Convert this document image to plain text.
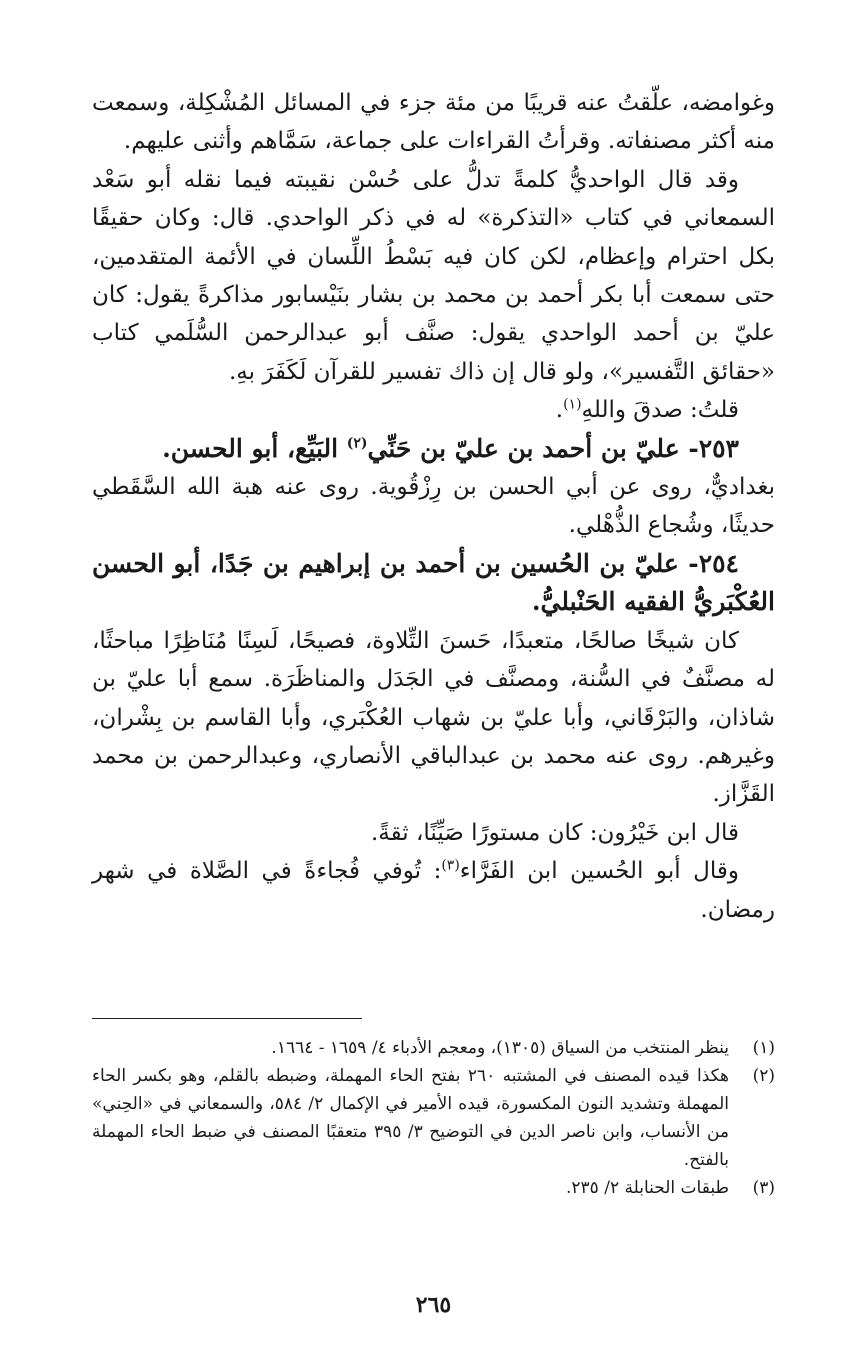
وغوامضه، علّقتُ عنه قريبًا من مئة جزء في المسائل المُشْكِلة، وسمعت منه أكثر مصنفاته. وقرأتُ القراءات على جماعة، سَمَّاهم وأثنى عليهم.

وقد قال الواحديُّ كلمةً تدلُّ على حُسْن نقيبته فيما نقله أبو سَعْد السمعاني في كتاب «التذكرة» له في ذكر الواحدي. قال: وكان حقيقًا بكل احترام وإعظام، لكن كان فيه بَسْطُ اللِّسان في الأئمة المتقدمين، حتى سمعت أبا بكر أحمد بن محمد بن بشار بنَيْسابور مذاكرةً يقول: كان عليّ بن أحمد الواحدي يقول: صنَّف أبو عبدالرحمن السُّلَمي كتاب «حقائق التَّفسير»، ولو قال إن ذاك تفسير للقرآن لَكَفَرَ بهِ.

قلتُ: صدقَ واللهِ$^{(١)}$.

٢٥٣- عليّ بن أحمد بن عليّ بن حَنِّي$^{(٢)}$ البَيِّع، أبو الحسن.

بغداديٌّ، روى عن أبي الحسن بن رِزْقُوية. روى عنه هبة الله السَّقَطي حديثًا، وشُجاع الذُّهْلي.

٢٥٤- عليّ بن الحُسين بن أحمد بن إبراهيم بن جَدًا، أبو الحسن العُكْبَريُّ الفقيه الحَنْبليُّ.

كان شيخًا صالحًا، متعبدًا، حَسنَ التِّلاوة، فصيحًا، لَسِنًا مُنَاظِرًا مباحثًا، له مصنَّفٌ في السُّنة، ومصنَّف في الجَدَل والمناظَرَة. سمع أبا عليّ بن شاذان، والبَرْقَاني، وأبا عليّ بن شهاب العُكْبَري، وأبا القاسم بن بِشْران، وغيرهم. روى عنه محمد بن عبدالباقي الأنصاري، وعبدالرحمن بن محمد القَزَّاز.

قال ابن خَيْرُون: كان مستورًا صَيِّنًا، ثقةً.

وقال أبو الحُسين ابن الفَرَّاء$^{(٣)}$: تُوفي فُجاءةً في الصَّلاة في شهر رمضان.

(١)
ينظر المنتخب من السياق (١٣٠٥)، ومعجم الأدباء ٤/ ١٦٥٩ - ١٦٦٤.
(٢)
هكذا قيده المصنف في المشتبه ٢٦٠ بفتح الحاء المهملة، وضبطه بالقلم، وهو بكسر الحاء المهملة وتشديد النون المكسورة، قيده الأمير في الإكمال ٢/ ٥٨٤، والسمعاني في «الحِني» من الأنساب، وابن ناصر الدين في التوضيح ٣/ ٣٩٥ متعقبًا المصنف في ضبط الحاء المهملة بالفتح.
(٣)
طبقات الحنابلة ٢/ ٢٣٥.
٢٦٥
